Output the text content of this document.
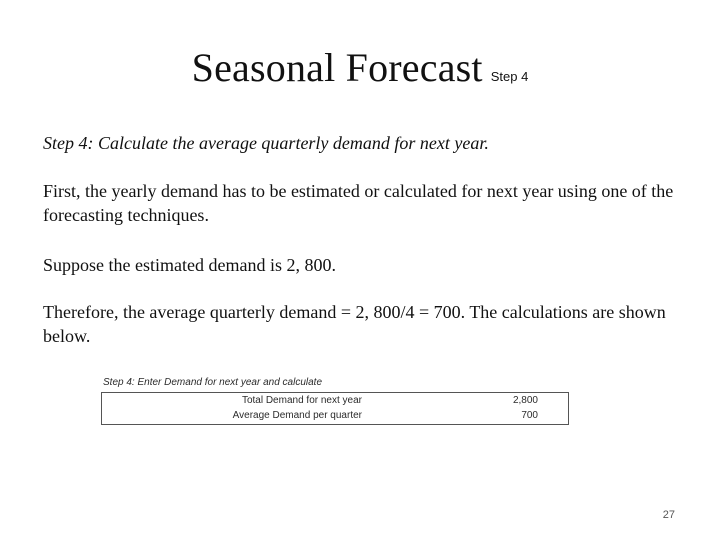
Seasonal Forecast Step 4
Step 4: Calculate the average quarterly demand for next year.

First, the yearly demand has to be estimated or calculated for next year using one of the forecasting techniques.

Suppose the estimated demand is 2, 800.

Therefore, the average quarterly demand = 2, 800/4 = 700. The calculations are shown below.

Step 4: Enter Demand for next year and calculate
Total Demand for next year	2,800
Average Demand per quarter	700
27
